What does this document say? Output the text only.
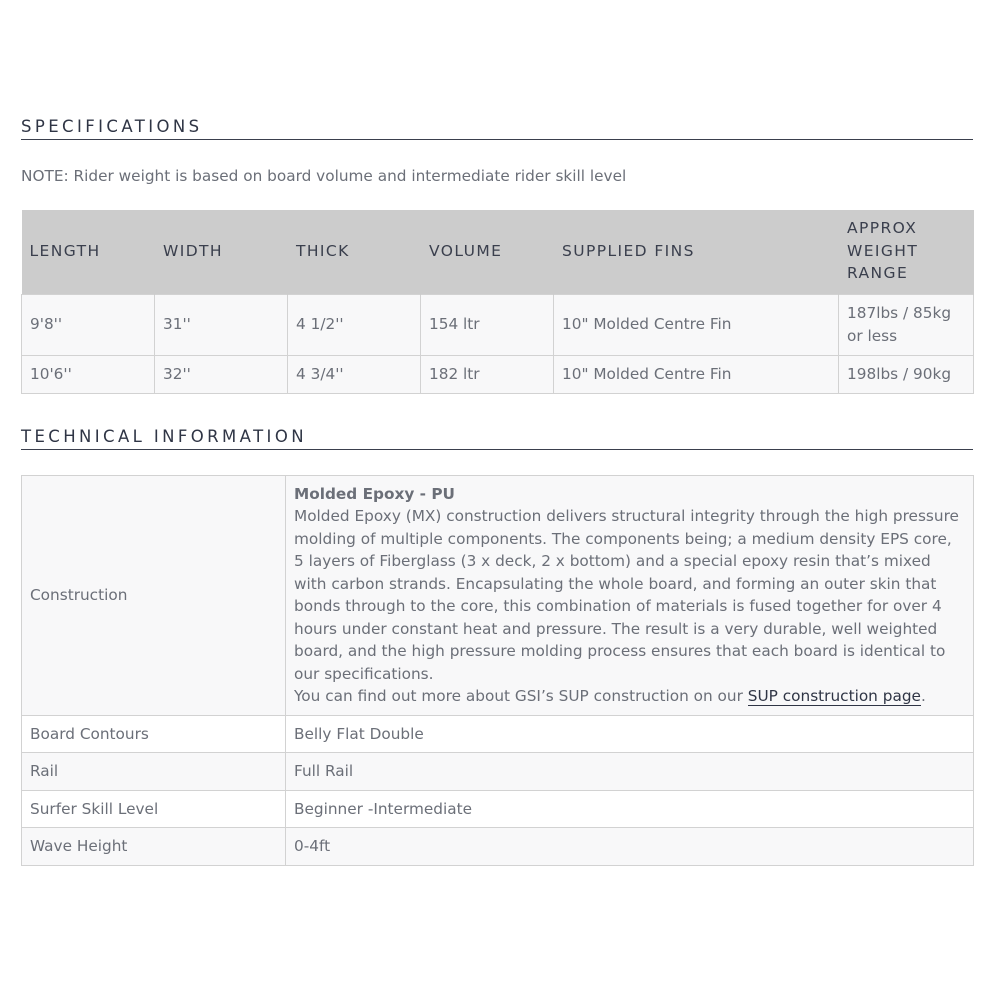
SPECIFICATIONS
NOTE: Rider weight is based on board volume and intermediate rider skill level
LENGTH	WIDTH	THICK	VOLUME	SUPPLIED FINS	APPROX WEIGHT RANGE
9'8''	31''	4 1/2''	154 ltr	10" Molded Centre Fin	187lbs / 85kg or less
10'6''	32''	4 3/4''	182 ltr	10" Molded Centre Fin	198lbs / 90kg
TECHNICAL INFORMATION
Construction	Molded Epoxy - PU
Molded Epoxy (MX) construction delivers structural integrity through the high pressure molding of multiple components. The components being; a medium density EPS core, 5 layers of Fiberglass (3 x deck, 2 x bottom) and a special epoxy resin that’s mixed with carbon strands. Encapsulating the whole board, and forming an outer skin that bonds through to the core, this combination of materials is fused together for over 4 hours under constant heat and pressure. The result is a very durable, well weighted board, and the high pressure molding process ensures that each board is identical to our specifications.
You can find out more about GSI’s SUP construction on our SUP construction page.

Board Contours	Belly Flat Double
Rail	Full Rail
Surfer Skill Level	Beginner -Intermediate
Wave Height	0-4ft
